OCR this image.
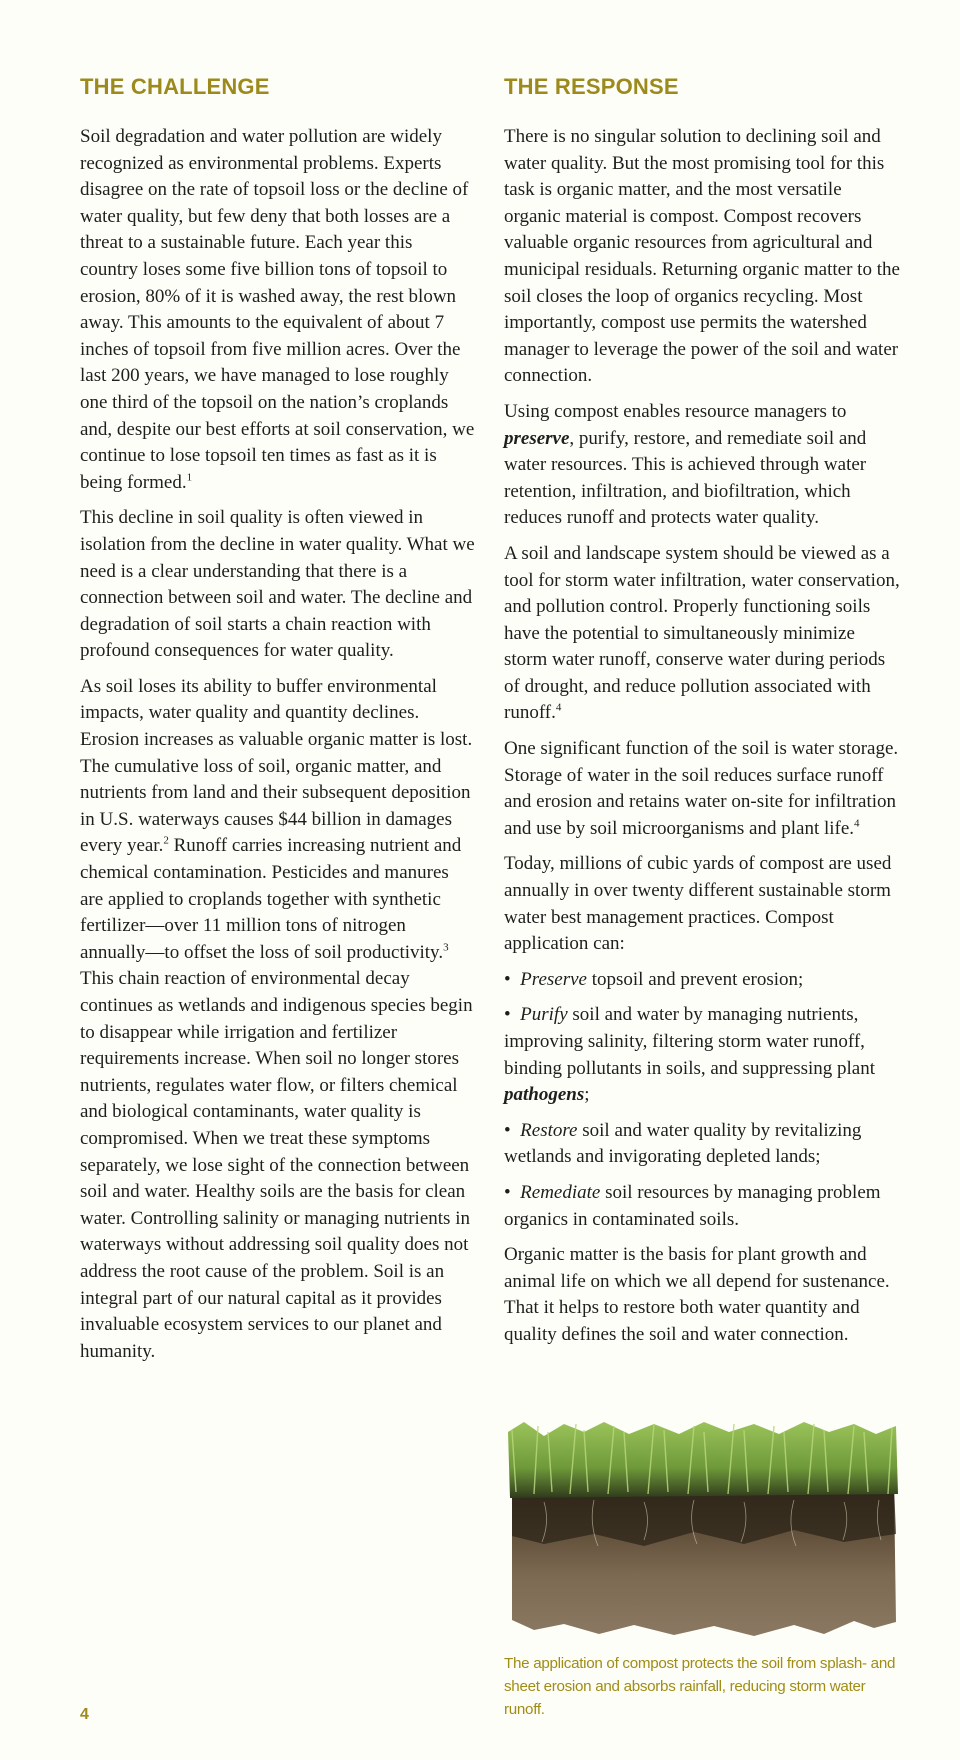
THE CHALLENGE

Soil degradation and water pollution are widely recognized as environmental problems. Experts disagree on the rate of topsoil loss or the decline of water quality, but few deny that both losses are a threat to a sustainable future. Each year this country loses some five billion tons of topsoil to erosion, 80% of it is washed away, the rest blown away. This amounts to the equivalent of about 7 inches of topsoil from five million acres. Over the last 200 years, we have managed to lose roughly one third of the topsoil on the nation’s croplands and, despite our best efforts at soil conservation, we continue to lose topsoil ten times as fast as it is being formed.$^1$

This decline in soil quality is often viewed in isolation from the decline in water quality. What we need is a clear understanding that there is a connection between soil and water. The decline and degradation of soil starts a chain reaction with profound consequences for water quality.

As soil loses its ability to buffer environmental impacts, water quality and quantity declines. Erosion increases as valuable organic matter is lost. The cumulative loss of soil, organic matter, and nutrients from land and their subsequent deposition in U.S. waterways causes $44 billion in damages every year.$^2$ Runoff carries increasing nutrient and chemical contamination. Pesticides and manures are applied to croplands together with synthetic fertilizer—over 11 million tons of nitrogen annually—to offset the loss of soil productivity.$^3$ This chain reaction of environmental decay continues as wetlands and indigenous species begin to disappear while irrigation and fertilizer requirements increase. When soil no longer stores nutrients, regulates water flow, or filters chemical and biological contaminants, water quality is compromised. When we treat these symptoms separately, we lose sight of the connection between soil and water. Healthy soils are the basis for clean water. Controlling salinity or managing nutrients in waterways without addressing soil quality does not address the root cause of the problem. Soil is an integral part of our natural capital as it provides invaluable ecosystem services to our planet and humanity.

THE RESPONSE

There is no singular solution to declining soil and water quality. But the most promising tool for this task is organic matter, and the most versatile organic material is compost. Compost recovers valuable organic resources from agricultural and municipal residuals. Returning organic matter to the soil closes the loop of organics recycling. Most importantly, compost use permits the watershed manager to leverage the power of the soil and water connection.

Using compost enables resource managers to preserve, purify, restore, and remediate soil and water resources. This is achieved through water retention, infiltration, and biofiltration, which reduces runoff and protects water quality.

A soil and landscape system should be viewed as a tool for storm water infiltration, water conservation, and pollution control. Properly functioning soils have the potential to simultaneously minimize storm water runoff, conserve water during periods of drought, and reduce pollution associated with runoff.$^4$

One significant function of the soil is water storage. Storage of water in the soil reduces surface runoff and erosion and retains water on-site for infiltration and use by soil microorganisms and plant life.$^4$

Today, millions of cubic yards of compost are used annually in over twenty different sustainable storm water best management practices. Compost application can:

• Preserve topsoil and prevent erosion;
• Purify soil and water by managing nutrients, improving salinity, filtering storm water runoff, binding pollutants in soils, and suppressing plant pathogens;
• Restore soil and water quality by revitalizing wetlands and invigorating depleted lands;
• Remediate soil resources by managing problem organics in contaminated soils.

Organic matter is the basis for plant growth and animal life on which we all depend for sustenance. That it helps to restore both water quantity and quality defines the soil and water connection.

The application of compost protects the soil from splash- and sheet erosion and absorbs rainfall, reducing storm water runoff.
4
